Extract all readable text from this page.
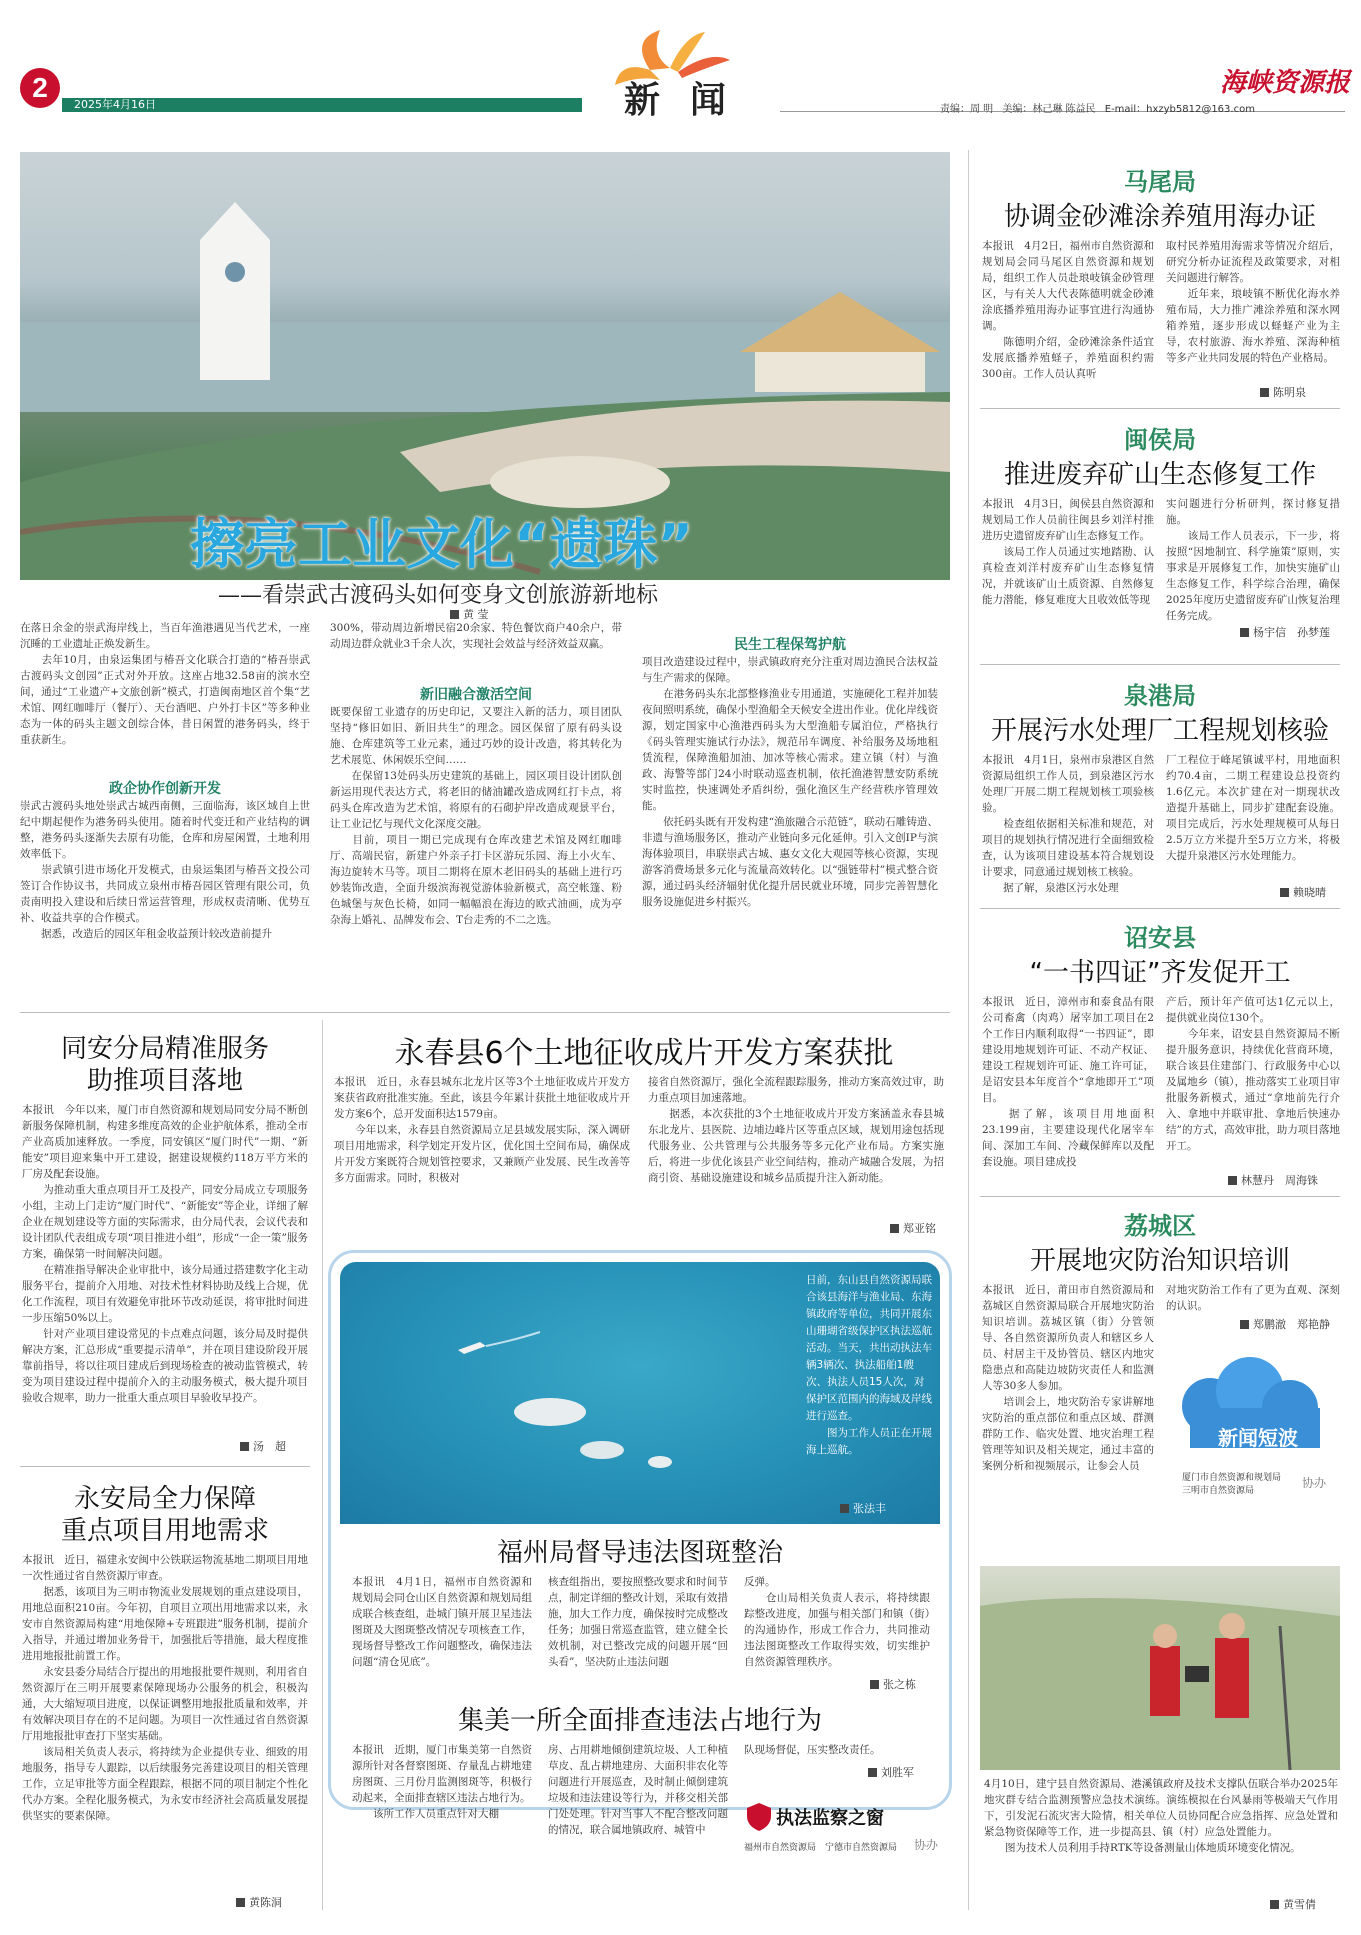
2
2025年4月16日	新闻	海峡资源报
责编：周 明 美编：林己琳 陈益民 E-mail：hxzyb5812@163.com
擦亮工业文化“遗珠”
——看崇武古渡码头如何变身文创旅游新地标
黄 莹
在落日余金的崇武海岸线上，当百年渔港遇见当代艺术，一座沉睡的工业遗址正焕发新生。
　　去年10月，由泉运集团与椿吾文化联合打造的“椿吾崇武古渡码头文创园”正式对外开放。这座占地32.58亩的滨水空间，通过“工业遗产+文旅创新”模式，打造闽南地区首个集“艺术馆、网红咖啡厅（餐厅）、天台酒吧、户外打卡区”等多种业态为一体的码头主题文创综合体，昔日闲置的港务码头，终于重获新生。
政企协作创新开发
崇武古渡码头地处崇武古城西南侧，三面临海，该区域自上世纪中期起便作为港务码头使用。随着时代变迁和产业结构的调整，港务码头逐渐失去原有功能，仓库和房屋闲置，土地利用效率低下。
　　崇武镇引进市场化开发模式，由泉运集团与椿吾文投公司签订合作协议书，共同成立泉州市椿吾园区管理有限公司，负责南明投入建设和后续日常运营管理，形成权责清晰、优势互补、收益共享的合作模式。
　　据悉，改造后的园区年租金收益预计较改造前提升
300%，带动周边新增民宿20余家、特色餐饮商户40余户，带动周边群众就业3千余人次，实现社会效益与经济效益双赢。
新旧融合激活空间
既要保留工业遗存的历史印记，又要注入新的活力，项目团队坚持“修旧如旧、新旧共生”的理念。园区保留了原有码头设施、仓库建筑等工业元素，通过巧妙的设计改造，将其转化为艺术展览、休闲娱乐空间……
　　在保留13处码头历史建筑的基础上，园区项目设计团队创新运用现代表达方式，将老旧的储油罐改造成网红打卡点，将码头仓库改造为艺术馆，将原有的石砌护岸改造成观景平台，让工业记忆与现代文化深度交融。
　　目前，项目一期已完成现有仓库改建艺术馆及网红咖啡厅、高端民宿，新建户外亲子打卡区游玩乐园、海上小火车、海边旋转木马等。项目二期将在原木老旧码头的基础上进行巧妙装饰改造，全面升级滨海视觉游体验新模式，高空帐篷、粉色城堡与灰色长椅，如同一幅幅浪在海边的欧式油画，成为亭杂海上婚礼、品牌发布会、T台走秀的不二之选。
民生工程保驾护航
项目改造建设过程中，崇武镇政府充分注重对周边渔民合法权益与生产需求的保障。
　　在港务码头东北部整修渔业专用通道，实施硬化工程并加装夜间照明系统，确保小型渔船全天候安全进出作业。优化岸线资源，划定国家中心渔港西码头为大型渔船专属泊位，严格执行《码头管理实施试行办法》，规范吊车调度、补给服务及场地租赁流程，保障渔船加油、加冰等核心需求。建立镇（村）与渔政、海警等部门24小时联动巡查机制，依托渔港智慧安防系统实时监控，快速调处矛盾纠纷，强化渔区生产经营秩序管理效能。
　　依托码头既有开发构建“渔旅融合示范链”，联动石雕铸造、非遗与渔场服务区，推动产业链向多元化延伸。引入文创IP与滨海体验项目，串联崇武古城、惠女文化大观园等核心资源，实现游客消费场景多元化与流量高效转化。以“强链带村”模式整合资源，通过码头经济辐射优化提升居民就业环境，同步完善智慧化服务设施促进乡村振兴。
马尾局
协调金砂滩涂养殖用海办证
本报讯　4月2日，福州市自然资源和规划局会同马尾区自然资源和规划局，组织工作人员赴琅岐镇金砂管理区，与有关人大代表陈德明就金砂滩涂底播养殖用海办证事宜进行沟通协调。
　　陈德明介绍，金砂滩涂条件适宜发展底播养殖蛏子，养殖面积约需300亩。工作人员认真听
取村民养殖用海需求等情况介绍后，研究分析办证流程及政策要求，对相关问题进行解答。
　　近年来，琅岐镇不断优化海水养殖布局，大力推广滩涂养殖和深水网箱养殖，逐步形成以蛏蛏产业为主导，农村旅游、海水养殖、深海种植等多产业共同发展的特色产业格局。
陈明泉
闽侯局
推进废弃矿山生态修复工作
本报讯　4月3日，闽侯县自然资源和规划局工作人员前往闽县乡刘洋村推进历史遗留废弃矿山生态修复工作。
　　该局工作人员通过实地踏勘、认真检查刘洋村废弃矿山生态修复情况，并就该矿山土质资源、自然修复能力潜能，修复难度大且收效低等现
实问题进行分析研判，探讨修复措施。
　　该局工作人员表示，下一步，将按照“因地制宜、科学施策”原则，实事求是开展修复工作，加快实施矿山生态修复工作，科学综合治理，确保2025年度历史遗留废弃矿山恢复治理任务完成。
杨宇信　孙梦莲
泉港局
开展污水处理厂工程规划核验
本报讯　4月1日，泉州市泉港区自然资源局组织工作人员，到泉港区污水处理厂开展二期工程规划核工项验核验。
　　检查组依据相关标准和规范，对项目的规划执行情况进行全面细致检查，认为该项目建设基本符合规划设计要求，同意通过规划核工核验。
　　据了解，泉港区污水处理
厂工程位于峰尾镇诚平村，用地面积约70.4亩，二期工程建设总投资约1.6亿元。本次扩建在对一期现状改造提升基础上，同步扩建配套设施。项目完成后，污水处理规模可从每日2.5万立方米提升至5万立方米，将极大提升泉港区污水处理能力。
赖晓晴
诏安县
“一书四证”齐发促开工
本报讯　近日，漳州市和泰食品有限公司畜禽（肉鸡）屠宰加工项目在2个工作日内顺利取得“一书四证”，即建设用地规划许可证、不动产权证、建设工程规划许可证、施工许可证，是诏安县本年度首个“拿地即开工”项目。
　　据了解，该项目用地面积23.199亩，主要建设现代化屠宰车间、深加工车间、冷藏保鲜库以及配套设施。项目建成投
产后，预计年产值可达1亿元以上，提供就业岗位130个。
　　今年来，诏安县自然资源局不断提升服务意识，持续优化营商环境，联合该县住建部门、行政服务中心以及属地乡（镇），推动落实工业项目审批服务新模式，通过“拿地前先行介入、拿地中并联审批、拿地后快速办结”的方式，高效审批，助力项目落地开工。
林慧丹　周海铢
荔城区
开展地灾防治知识培训
本报讯　近日，莆田市自然资源局和荔城区自然资源局联合开展地灾防治知识培训。荔城区镇（街）分管领导、各自然资源所负责人和辖区乡人员、村居主干及协管员、辖区内地灾隐患点和高陡边坡防灾责任人和监测人等30多人参加。
　　培训会上，地灾防治专家讲解地灾防治的重点部位和重点区域、群测群防工作、临灾处置、地灾治理工程管理等知识及相关规定，通过丰富的案例分析和视频展示，让参会人员
对地灾防治工作有了更为直观、深刻的认识。
郑鹏澈　郑艳静
新闻短波
厦门市自然资源和规划局
三明市自然资源局
协办
4月10日，建宁县自然资源局、港溪镇政府及技术支撑队伍联合举办2025年地灾群专结合监测预警应急技术演练。演练模拟在台风暴雨等极端天气作用下，引发泥石流灾害大险情，相关单位人员协同配合应急指挥、应急处置和紧急物资保障等工作，进一步提高县、镇（村）应急处置能力。
　　图为技术人员利用手持RTK等设备测量山体地质环境变化情况。
黄雪倩
同安分局精准服务
助推项目落地
本报讯　今年以来，厦门市自然资源和规划局同安分局不断创新服务保障机制，构建多维度高效的企业护航体系，推动全市产业高质加速释放。一季度，同安镇区“厦门时代”一期、“新能安”项目迎来集中开工建设，据建设规模约118万平方米的厂房及配套设施。
　　为推动重大重点项目开工及投产，同安分局成立专项服务小组，主动上门走访“厦门时代”、“新能安”等企业，详细了解企业在规划建设等方面的实际需求，由分局代表，会议代表和设计团队代表组成专项“项目推进小组”，形成“一企一策”服务方案，确保第一时间解决问题。
　　在精准指导解决企业审批中，该分局通过搭建数字化主动服务平台，提前介入用地、对技术性材料协助及线上合规，优化工作流程，项目有效避免审批环节改动延误，将审批时间进一步压缩50%以上。
　　针对产业项目建设常见的卡点难点问题，该分局及时提供解决方案，汇总形成“重要提示清单”，并在项目建设阶段开展靠前指导，将以往项目建成后到现场检查的被动监管模式，转变为项目建设过程中提前介入的主动服务模式，极大提升项目验收合规率，助力一批重大重点项目早验收早投产。
汤　超
永安局全力保障
重点项目用地需求
本报讯　近日，福建永安闽中公铁联运物流基地二期项目用地一次性通过省自然资源厅审查。
　　据悉，该项目为三明市物流业发展规划的重点建设项目，用地总面积210亩。今年初，自项目立项出用地需求以来，永安市自然资源局构建“用地保障+专班跟进”服务机制，提前介入指导，并通过增加业务骨干，加强批后等措施，最大程度推进用地报批前置工作。
　　永安县委分局结合厅提出的用地报批要件规则，利用省自然资源厅在三明开展要素保障现场办公服务的机会，积极沟通，大大缩短项目进度，以保证调整用地报批质量和效率，并有效解决项目存在的不足问题。为项目一次性通过省自然资源厅用地报批审查打下坚实基础。
　　该局相关负责人表示，将持续为企业提供专业、细致的用地服务，指导专人跟踪，以后续服务完善建设项目的相关管理工作，立足审批等方面全程跟踪，根据不同的项目制定个性化代办方案。全程化服务模式，为永安市经济社会高质量发展提供坚实的要素保障。
黄陈洞
永春县6个土地征收成片开发方案获批
本报讯　近日，永春县城东北龙片区等3个土地征收成片开发方案获省政府批准实施。至此，该县今年累计获批土地征收成片开发方案6个，总开发面积达1579亩。
　　今年以来，永春县自然资源局立足县域发展实际，深入调研项目用地需求，科学划定开发片区，优化国土空间布局，确保成片开发方案既符合规划管控要求，又兼顾产业发展、民生改善等多方面需求。同时，积极对
接省自然资源厅，强化全流程跟踪服务，推动方案高效过审，助力重点项目加速落地。
　　据悉，本次获批的3个土地征收成片开发方案涵盖永春县城东北龙片、县医院、边埔边峰片区等重点区域，规划用途包括现代服务业、公共管理与公共服务等多元化产业布局。方案实施后，将进一步优化该县产业空间结构，推动产城融合发展，为招商引资、基础设施建设和城乡品质提升注入新动能。
郑亚铭
日前，东山县自然资源局联合该县海洋与渔业局、东海镇政府等单位，共同开展东山珊瑚省级保护区执法巡航活动。当天，共出动执法车辆3辆次、执法船舶1艘次、执法人员15人次，对保护区范围内的海域及岸线进行巡查。
　　图为工作人员正在开展海上巡航。
张法丰
福州局督导违法图斑整治
本报讯　4月1日，福州市自然资源和规划局会同仓山区自然资源和规划局组成联合核查组，赴城门镇开展卫星违法图斑及大图斑整改情况专项核查工作，现场督导整改工作问题整改，确保违法问题“清仓见底”。
核查组指出，要按照整改要求和时间节点，制定详细的整改计划，采取有效措施，加大工作力度，确保按时完成整改任务；加强日常巡查监管，建立健全长效机制，对已整改完成的问题开展“回头看”，坚决防止违法问题
反弹。
　　仓山局相关负责人表示，将持续跟踪整改进度，加强与相关部门和镇（街）的沟通协作，形成工作合力，共同推动违法图斑整改工作取得实效，切实维护自然资源管理秩序。
张之栋
集美一所全面排查违法占地行为
本报讯　近期，厦门市集美第一自然资源所针对各督察图斑、存量乱占耕地建房图斑、三月份月监测图斑等，积极行动起来，全面排查辖区违法占地行为。
　　该所工作人员重点针对大棚
房、占用耕地倾倒建筑垃圾、人工种植草皮、乱占耕地建房、大面积非农化等问题进行开展巡查，及时制止倾倒建筑垃圾和违法建设等行为，并移交相关部门处处理。针对当事人不配合整改问题的情况，联合属地镇政府、城管中
队现场督促，压实整改责任。
刘胜军
执法监察之窗
福州市自然资源局　宁德市自然资源局 协办
